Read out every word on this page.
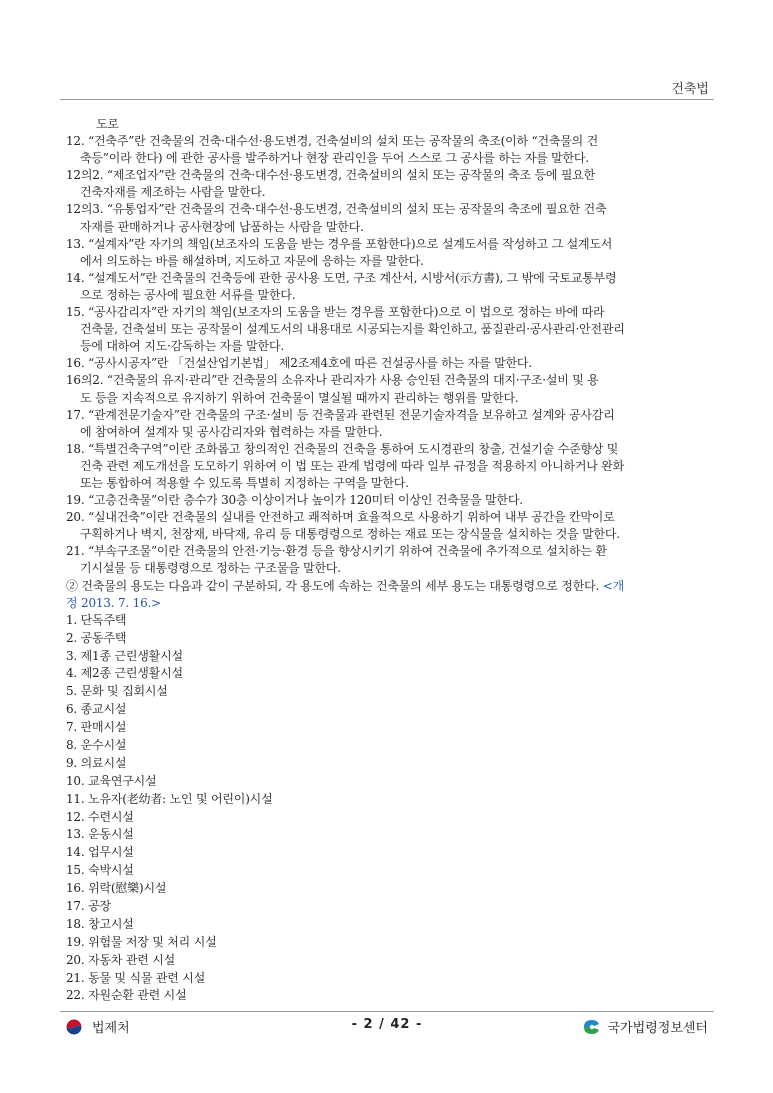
건축법
도로
12. “건축주”란 건축물의 건축·대수선·용도변경, 건축설비의 설치 또는 공작물의 축조(이하 “건축물의 건
축등”이라 한다) 에 관한 공사를 발주하거나 현장 관리인을 두어 스스로 그 공사를 하는 자를 말한다.
12의2. “제조업자”란 건축물의 건축·대수선·용도변경, 건축설비의 설치 또는 공작물의 축조 등에 필요한
건축자재를 제조하는 사람을 말한다.
12의3. “유통업자”란 건축물의 건축·대수선·용도변경, 건축설비의 설치 또는 공작물의 축조에 필요한 건축
자재를 판매하거나 공사현장에 납품하는 사람을 말한다.
13. “설계자”란 자기의 책임(보조자의 도움을 받는 경우를 포함한다)으로 설계도서를 작성하고 그 설계도서
에서 의도하는 바를 해설하며, 지도하고 자문에 응하는 자를 말한다.
14. “설계도서”란 건축물의 건축등에 관한 공사용 도면, 구조 계산서, 시방서(示方書), 그 밖에 국토교통부령
으로 정하는 공사에 필요한 서류를 말한다.
15. “공사감리자”란 자기의 책임(보조자의 도움을 받는 경우를 포함한다)으로 이 법으로 정하는 바에 따라
건축물, 건축설비 또는 공작물이 설계도서의 내용대로 시공되는지를 확인하고, 품질관리·공사관리·안전관리
등에 대하여 지도·감독하는 자를 말한다.
16. “공사시공자”란 「건설산업기본법」 제2조제4호에 따른 건설공사를 하는 자를 말한다.
16의2. “건축물의 유지·관리”란 건축물의 소유자나 관리자가 사용 승인된 건축물의 대지·구조·설비 및 용
도 등을 지속적으로 유지하기 위하여 건축물이 멸실될 때까지 관리하는 행위를 말한다.
17. “관계전문기술자”란 건축물의 구조·설비 등 건축물과 관련된 전문기술자격을 보유하고 설계와 공사감리
에 참여하여 설계자 및 공사감리자와 협력하는 자를 말한다.
18. “특별건축구역”이란 조화롭고 창의적인 건축물의 건축을 통하여 도시경관의 창출, 건설기술 수준향상 및
건축 관련 제도개선을 도모하기 위하여 이 법 또는 관계 법령에 따라 일부 규정을 적용하지 아니하거나 완화
또는 통합하여 적용할 수 있도록 특별히 지정하는 구역을 말한다.
19. “고층건축물”이란 층수가 30층 이상이거나 높이가 120미터 이상인 건축물을 말한다.
20. “실내건축”이란 건축물의 실내를 안전하고 쾌적하며 효율적으로 사용하기 위하여 내부 공간을 칸막이로
구획하거나 벽지, 천장재, 바닥재, 유리 등 대통령령으로 정하는 재료 또는 장식물을 설치하는 것을 말한다.
21. “부속구조물”이란 건축물의 안전·기능·환경 등을 향상시키기 위하여 건축물에 추가적으로 설치하는 환
기시설물 등 대통령령으로 정하는 구조물을 말한다.
② 건축물의 용도는 다음과 같이 구분하되, 각 용도에 속하는 건축물의 세부 용도는 대통령령으로 정한다. <개
정 2013. 7. 16.>
1. 단독주택
2. 공동주택
3. 제1종 근린생활시설
4. 제2종 근린생활시설
5. 문화 및 집회시설
6. 종교시설
7. 판매시설
8. 운수시설
9. 의료시설
10. 교육연구시설
11. 노유자(老幼者: 노인 및 어린이)시설
12. 수련시설
13. 운동시설
14. 업무시설
15. 숙박시설
16. 위락(慰樂)시설
17. 공장
18. 창고시설
19. 위험물 저장 및 처리 시설
20. 자동차 관련 시설
21. 동물 및 식물 관련 시설
22. 자원순환 관련 시설
법제처	- 2 / 42 -	국가법령정보센터
